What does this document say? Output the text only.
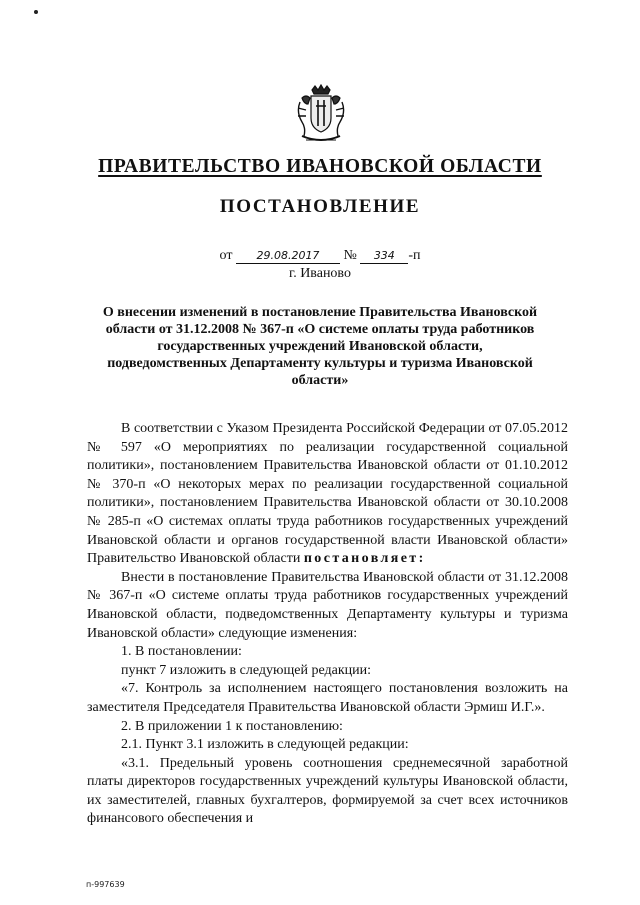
ПРАВИТЕЛЬСТВО ИВАНОВСКОЙ ОБЛАСТИ
ПОСТАНОВЛЕНИЕ
от 29.08.2017 № 334 -п
г. Иваново
О внесении изменений в постановление Правительства Ивановской области от 31.12.2008 № 367-п «О системе оплаты труда работников государственных учреждений Ивановской области, подведомственных Департаменту культуры и туризма Ивановской области»

В соответствии с Указом Президента Российской Федерации от 07.05.2012 № 597 «О мероприятиях по реализации государственной социальной политики», постановлением Правительства Ивановской области от 01.10.2012 № 370-п «О некоторых мерах по реализации государственной социальной политики», постановлением Правительства Ивановской области от 30.10.2008 № 285-п «О системах оплаты труда работников государственных учреждений Ивановской области и органов государственной власти Ивановской области» Правительство Ивановской области постановляет:

Внести в постановление Правительства Ивановской области от 31.12.2008 № 367-п «О системе оплаты труда работников государственных учреждений Ивановской области, подведомственных Департаменту культуры и туризма Ивановской области» следующие изменения:

1. В постановлении:

пункт 7 изложить в следующей редакции:

«7. Контроль за исполнением настоящего постановления возложить на заместителя Председателя Правительства Ивановской области Эрмиш И.Г.».

2. В приложении 1 к постановлению:

2.1. Пункт 3.1 изложить в следующей редакции:

«3.1. Предельный уровень соотношения среднемесячной заработной платы директоров государственных учреждений культуры Ивановской области, их заместителей, главных бухгалтеров, формируемой за счет всех источников финансового обеспечения и

п-997639
